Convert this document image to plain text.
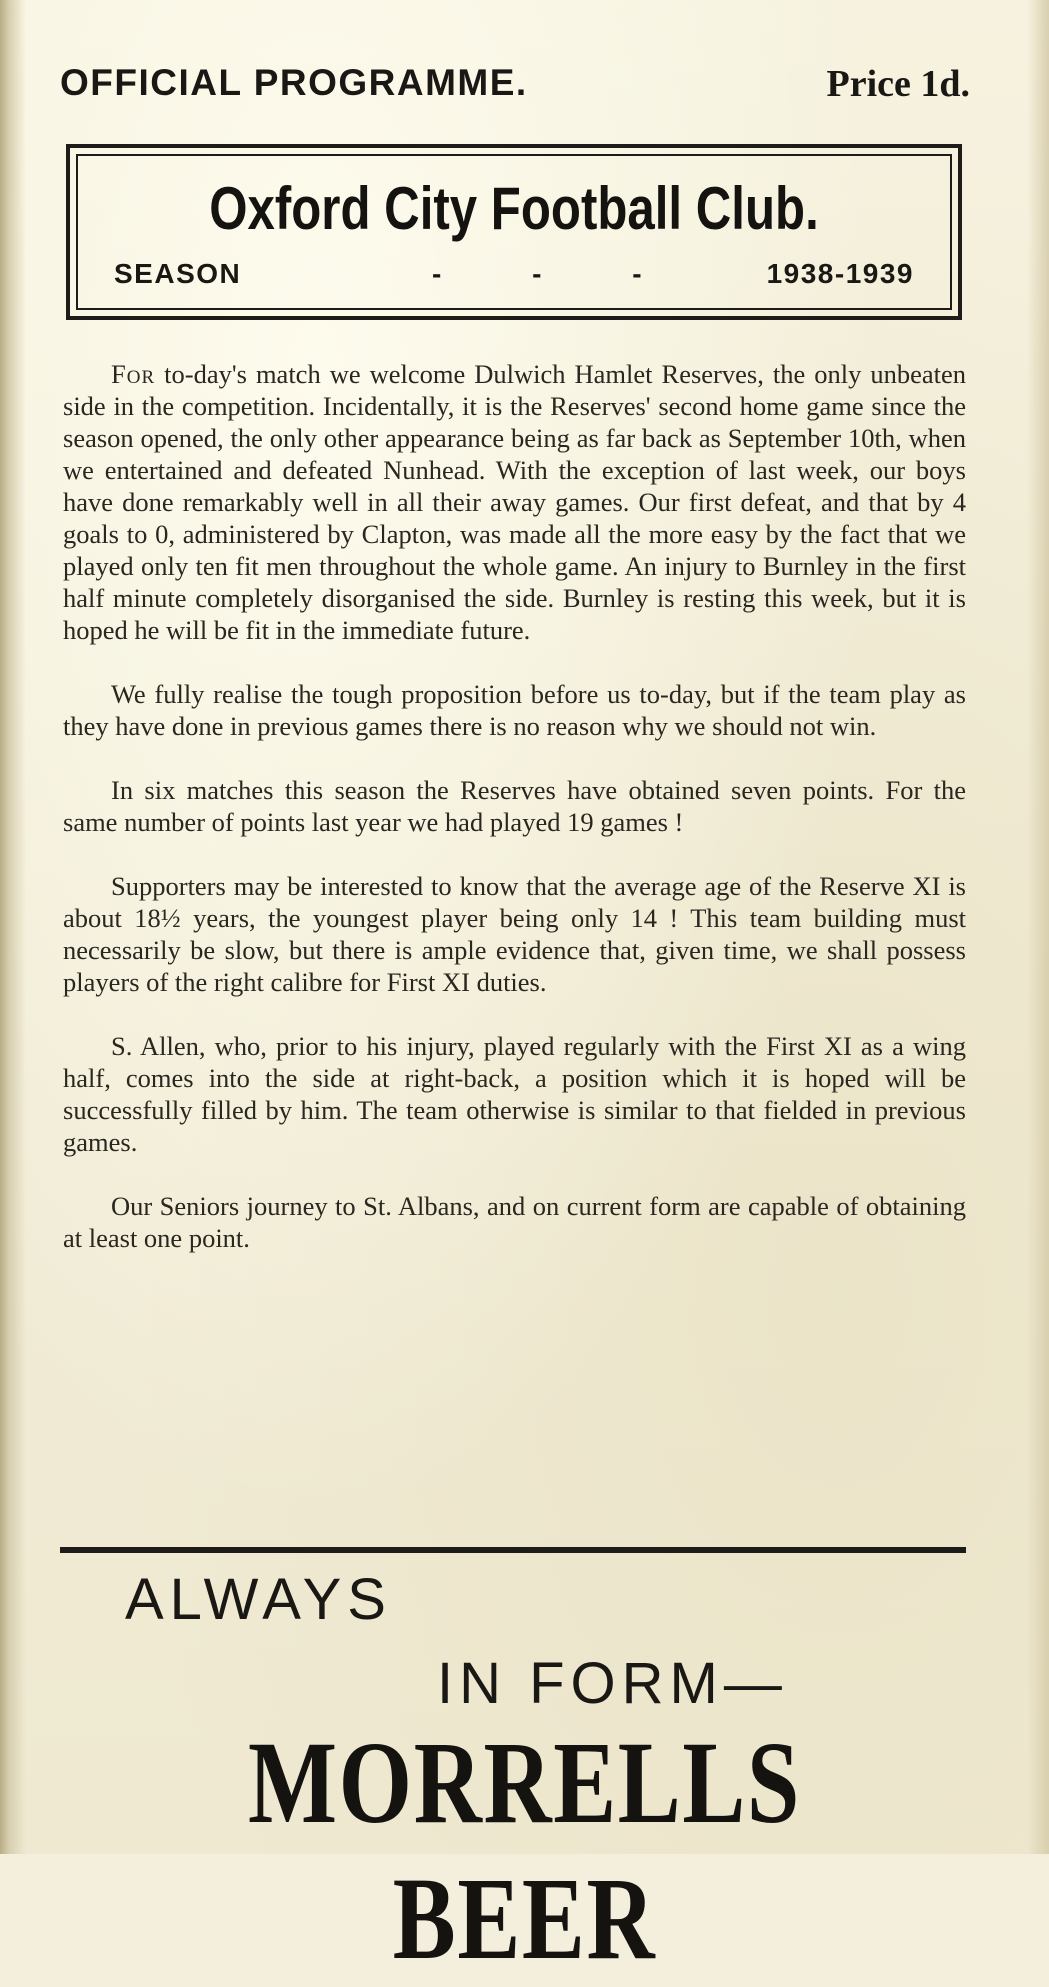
OFFICIAL PROGRAMME.	Price 1d.
Oxford City Football Club.
SEASON	- - -	1938-1939

For to-day's match we welcome Dulwich Hamlet Reserves, the only unbeaten side in the competition. Incidentally, it is the Reserves' second home game since the season opened, the only other appearance being as far back as September 10th, when we entertained and defeated Nunhead. With the exception of last week, our boys have done remarkably well in all their away games. Our first defeat, and that by 4 goals to 0, administered by Clapton, was made all the more easy by the fact that we played only ten fit men throughout the whole game. An injury to Burnley in the first half minute completely disorganised the side. Burnley is resting this week, but it is hoped he will be fit in the immediate future.

We fully realise the tough proposition before us to-day, but if the team play as they have done in previous games there is no reason why we should not win.

In six matches this season the Reserves have obtained seven points. For the same number of points last year we had played 19 games !

Supporters may be interested to know that the average age of the Reserve XI is about 18½ years, the youngest player being only 14 ! This team building must necessarily be slow, but there is ample evidence that, given time, we shall possess players of the right calibre for First XI duties.

S. Allen, who, prior to his injury, played regularly with the First XI as a wing half, comes into the side at right-back, a position which it is hoped will be successfully filled by him. The team otherwise is similar to that fielded in previous games.

Our Seniors journey to St. Albans, and on current form are capable of obtaining at least one point.

ALWAYS
IN FORM—
MORRELLS BEER
